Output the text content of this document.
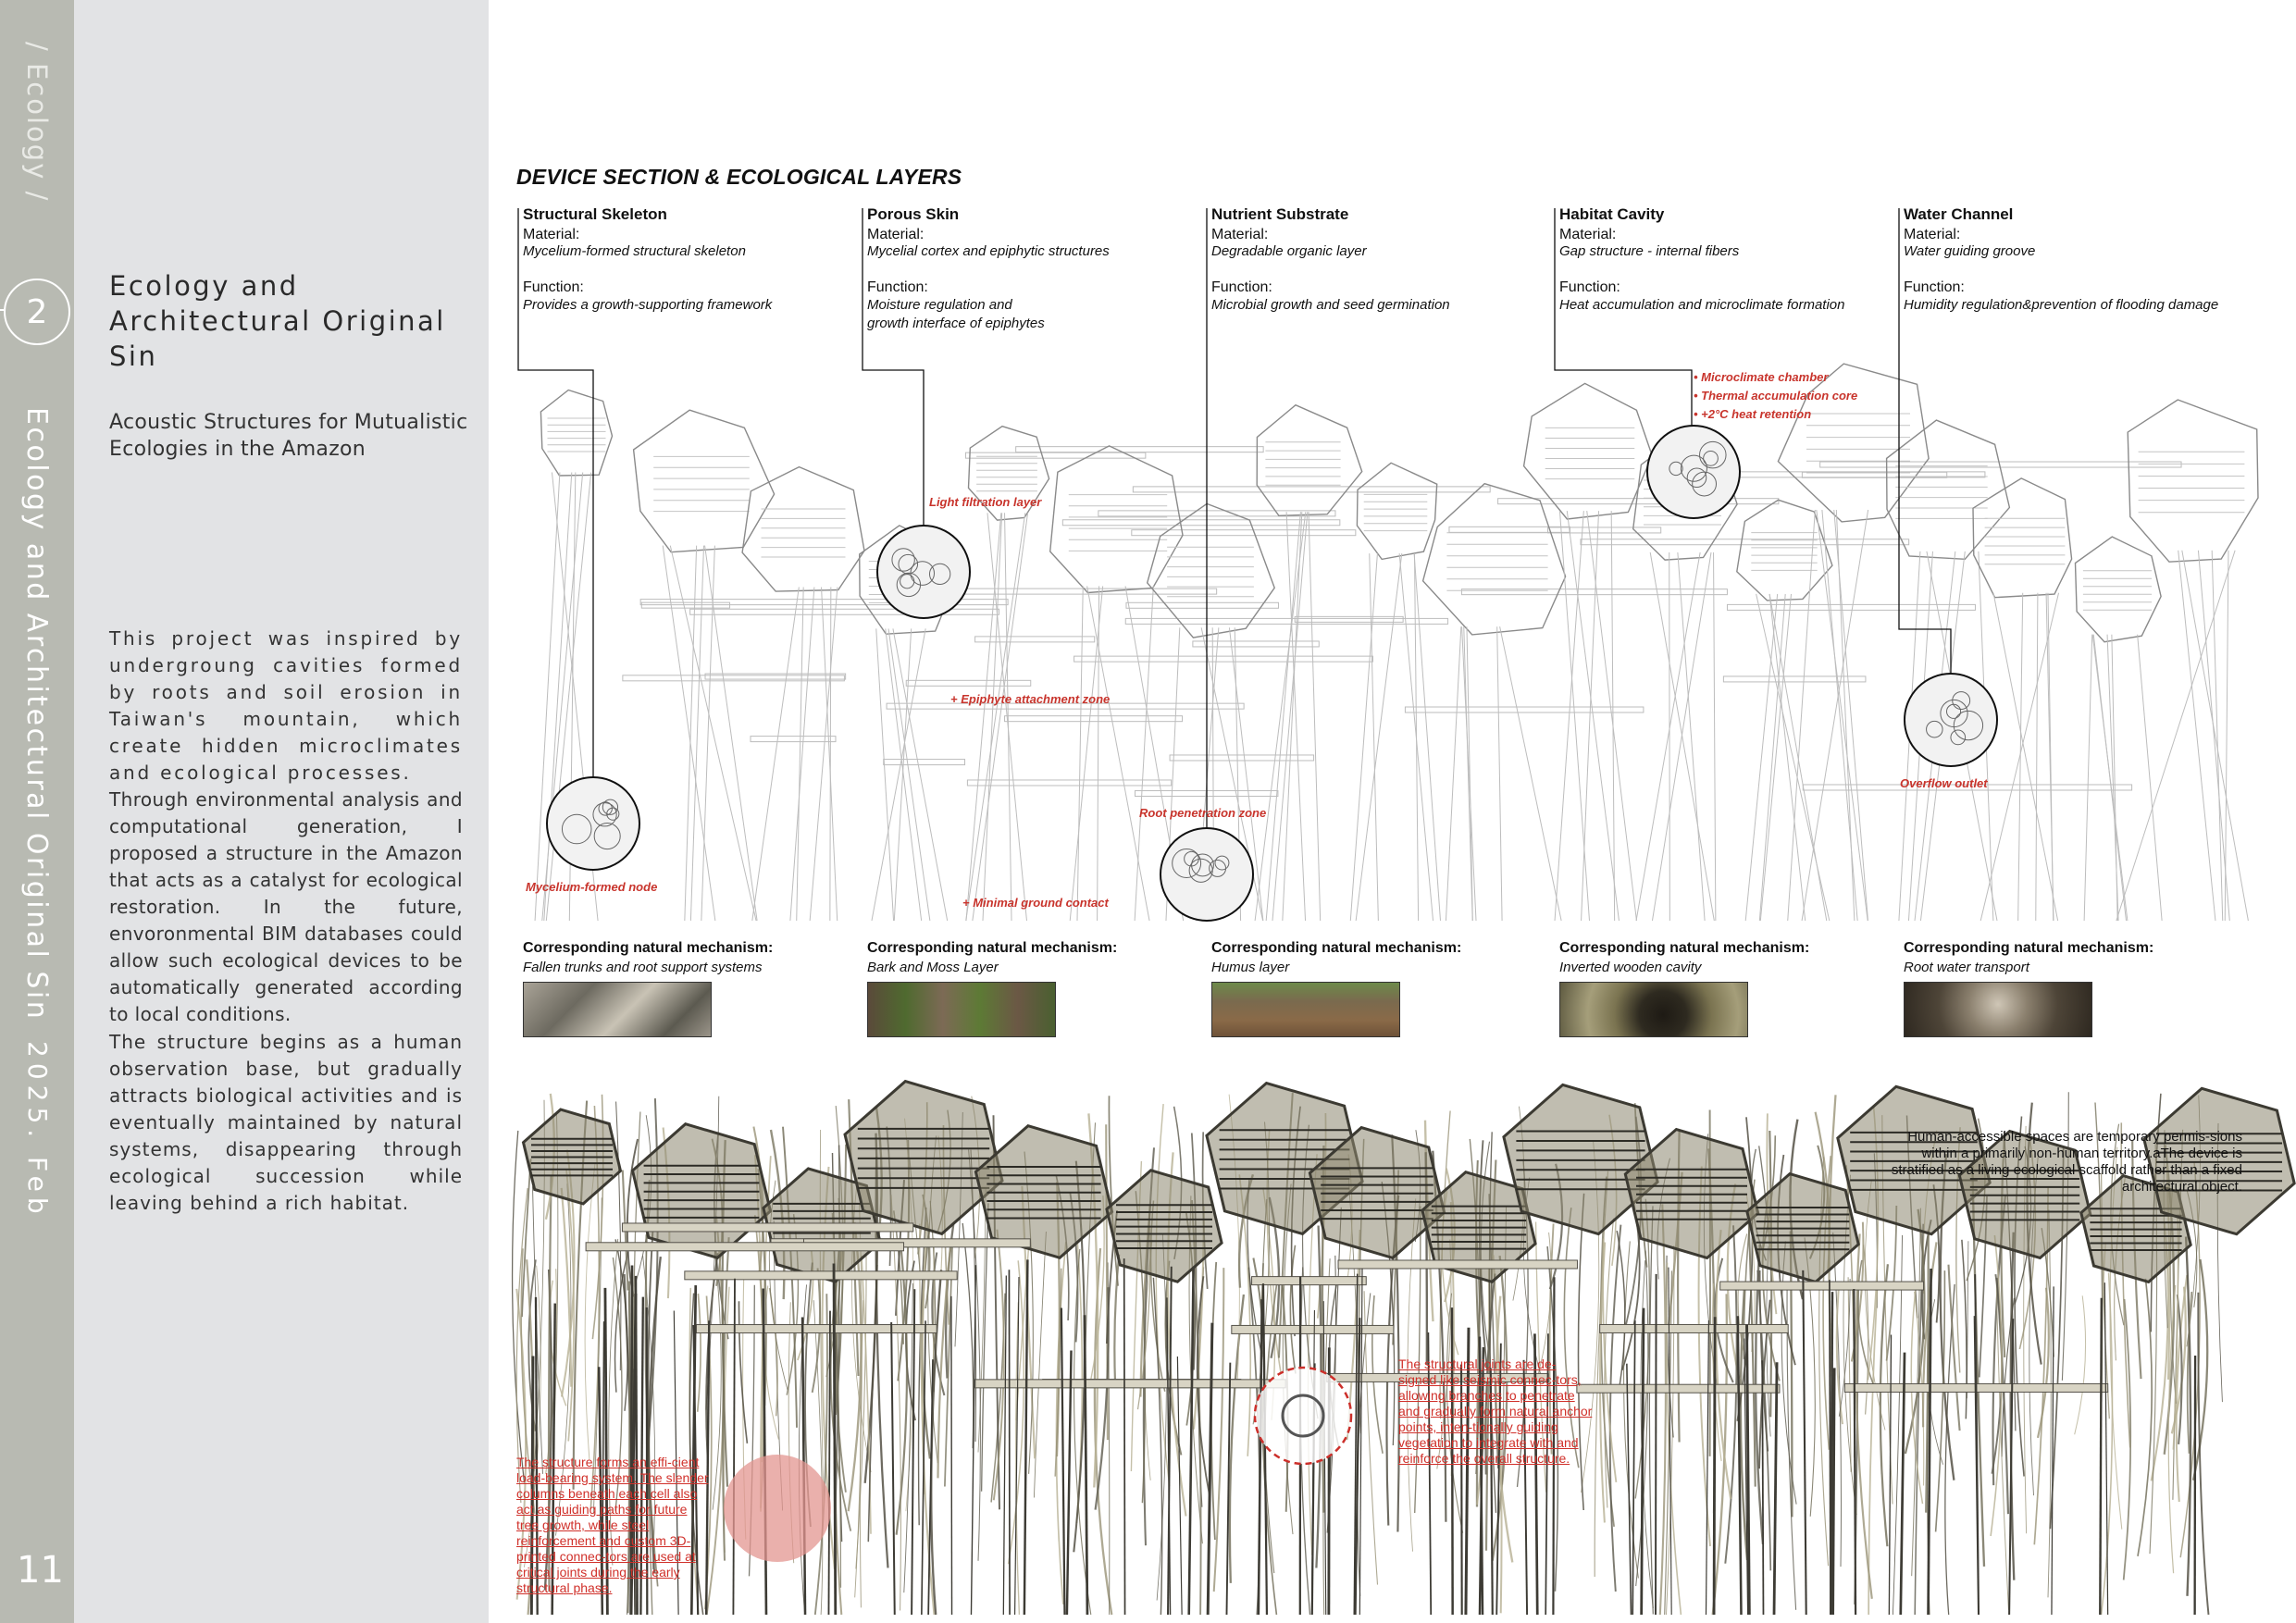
/ Ecology /
2
Ecology and Architectural Original Sin
2025. Feb
11
Ecology and Architectural Original Sin
Acoustic Structures for Mutualistic Ecologies in the Amazon

This project was inspired by undergroung cavities formed by roots and soil erosion in Taiwan's mountain, which create hidden microclimates and ecological processes.

Through environmental analysis and computational generation, I proposed a structure in the Amazon that acts as a catalyst for ecological restoration. In the future, envoronmental BIM databases could allow such ecological devices to be automatically generated according to local conditions.

The structure begins as a human observation base, but gradually attracts biological activities and is eventually maintained by natural systems, disappearing through ecological succession while leaving behind a rich habitat.

DEVICE SECTION & ECOLOGICAL LAYERS
Structural Skeleton
Material:
Mycelium-formed structural skeleton
Function:
Provides a growth-supporting framework
Porous Skin
Material:
Mycelial cortex and epiphytic structures
Function:
Moisture regulation and growth interface of epiphytes
Nutrient Substrate
Material:
Degradable organic layer
Function:
Microbial growth and seed germination
Habitat Cavity
Material:
Gap structure - internal fibers
Function:
Heat accumulation and microclimate formation
Water Channel
Material:
Water guiding groove
Function:
Humidity regulation&prevention of flooding damage
Light filtration layer
+ Epiphyte attachment zone
Root penetration zone
Mycelium-formed node
+ Minimal ground contact
Overflow outlet
• Microclimate chamber
• Thermal accumulation core
• +2°C heat retention
Corresponding natural mechanism:
Fallen trunks and root support systems
Corresponding natural mechanism:
Bark and Moss Layer
Corresponding natural mechanism:
Humus layer
Corresponding natural mechanism:
Inverted wooden cavity
Corresponding natural mechanism:
Root water transport
Human-accessible spaces are temporary permis-sions within a primarily non-human territory.aThe device is stratified as a living ecological scaffold rather than a fixed architectural object.
The structure forms an effi-cient load-bearing system. The slender columns beneath each cell also act as guiding paths for future tree growth, while steel reinforcement and custom 3D-printed connec-tors are used at critical joints during the early structural phase.
The structural joints are de-signed like seismic connec-tors, allowing branches to penetrate and gradually form natural anchor points, inten-tionally guiding vegetation to integrate with and reinforce the overall structure.
